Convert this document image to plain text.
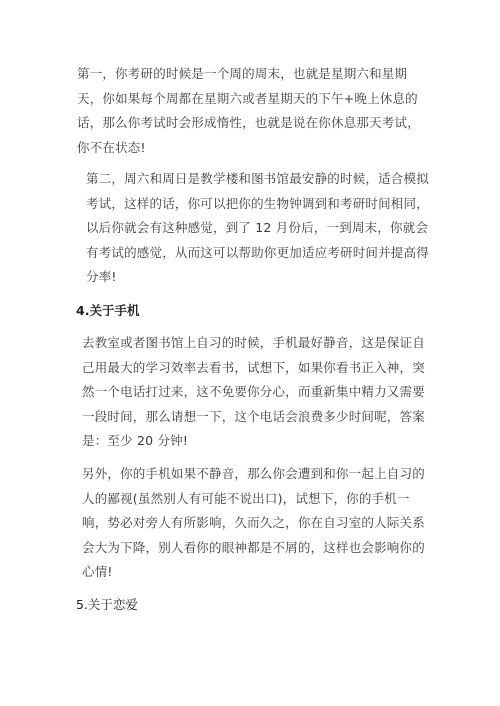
第一，你考研的时候是一个周的周末，也就是星期六和星期天，你如果每个周都在星期六或者星期天的下午+晚上休息的话，那么你考试时会形成惰性，也就是说在你休息那天考试，你不在状态!

第二，周六和周日是教学楼和图书馆最安静的时候，适合模拟考试，这样的话，你可以把你的生物钟调到和考研时间相同，以后你就会有这种感觉，到了 12 月份后，一到周末，你就会有考试的感觉，从而这可以帮助你更加适应考研时间并提高得分率!

4.关于手机

去教室或者图书馆上自习的时候，手机最好静音，这是保证自己用最大的学习效率去看书，试想下，如果你看书正入神，突然一个电话打过来，这不免要你分心，而重新集中精力又需要一段时间，那么请想一下，这个电话会浪费多少时间呢，答案是：至少 20 分钟!

另外，你的手机如果不静音，那么你会遭到和你一起上自习的人的鄙视(虽然别人有可能不说出口)，试想下，你的手机一响，势必对旁人有所影响，久而久之，你在自习室的人际关系会大为下降，别人看你的眼神都是不屑的，这样也会影响你的心情!

5.关于恋爱
